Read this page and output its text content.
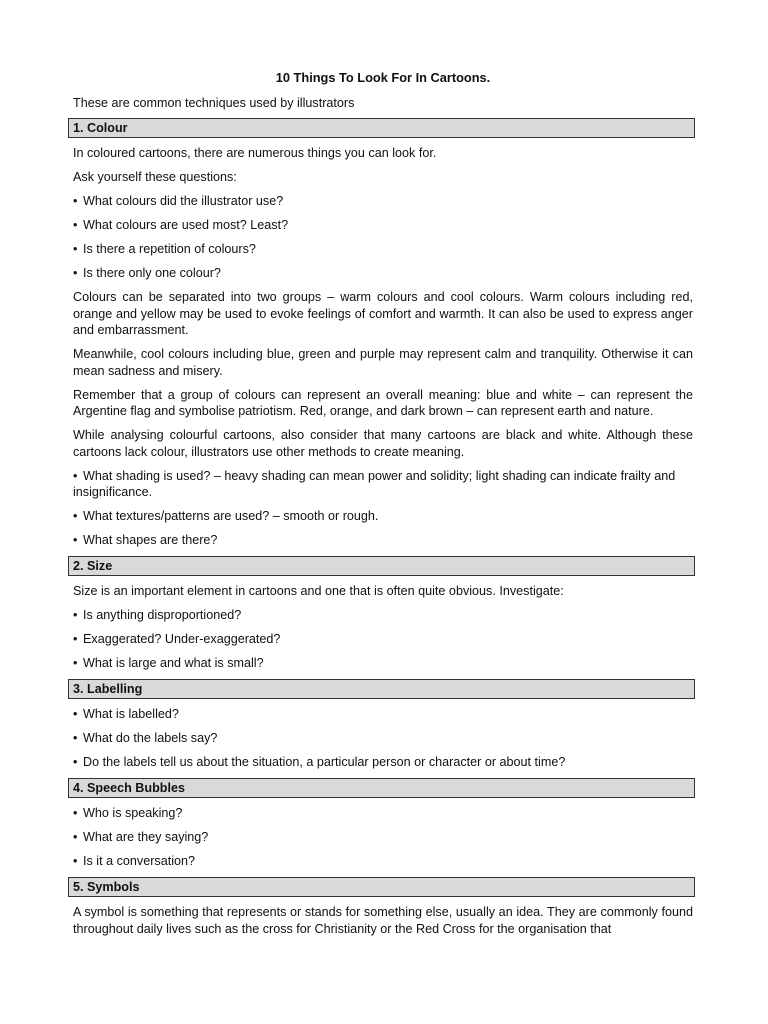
10 Things To Look For In Cartoons.
These are common techniques used by illustrators
1. Colour

In coloured cartoons, there are numerous things you can look for.

Ask yourself these questions:

• What colours did the illustrator use?
• What colours are used most? Least?
• Is there a repetition of colours?
• Is there only one colour?

Colours can be separated into two groups – warm colours and cool colours. Warm colours including red, orange and yellow may be used to evoke feelings of comfort and warmth. It can also be used to express anger and embarrassment.

Meanwhile, cool colours including blue, green and purple may represent calm and tranquility. Otherwise it can mean sadness and misery.

Remember that a group of colours can represent an overall meaning: blue and white – can represent the Argentine flag and symbolise patriotism. Red, orange, and dark brown – can represent earth and nature.

While analysing colourful cartoons, also consider that many cartoons are black and white. Although these cartoons lack colour, illustrators use other methods to create meaning.

• What shading is used? – heavy shading can mean power and solidity; light shading can indicate frailty and insignificance.
• What textures/patterns are used? – smooth or rough.
• What shapes are there?
2. Size

Size is an important element in cartoons and one that is often quite obvious. Investigate:

• Is anything disproportioned?
• Exaggerated? Under-exaggerated?
• What is large and what is small?
3. Labelling
• What is labelled?
• What do the labels say?
• Do the labels tell us about the situation, a particular person or character or about time?
4. Speech Bubbles
• Who is speaking?
• What are they saying?
• Is it a conversation?
5. Symbols

A symbol is something that represents or stands for something else, usually an idea. They are commonly found throughout daily lives such as the cross for Christianity or the Red Cross for the organisation that
